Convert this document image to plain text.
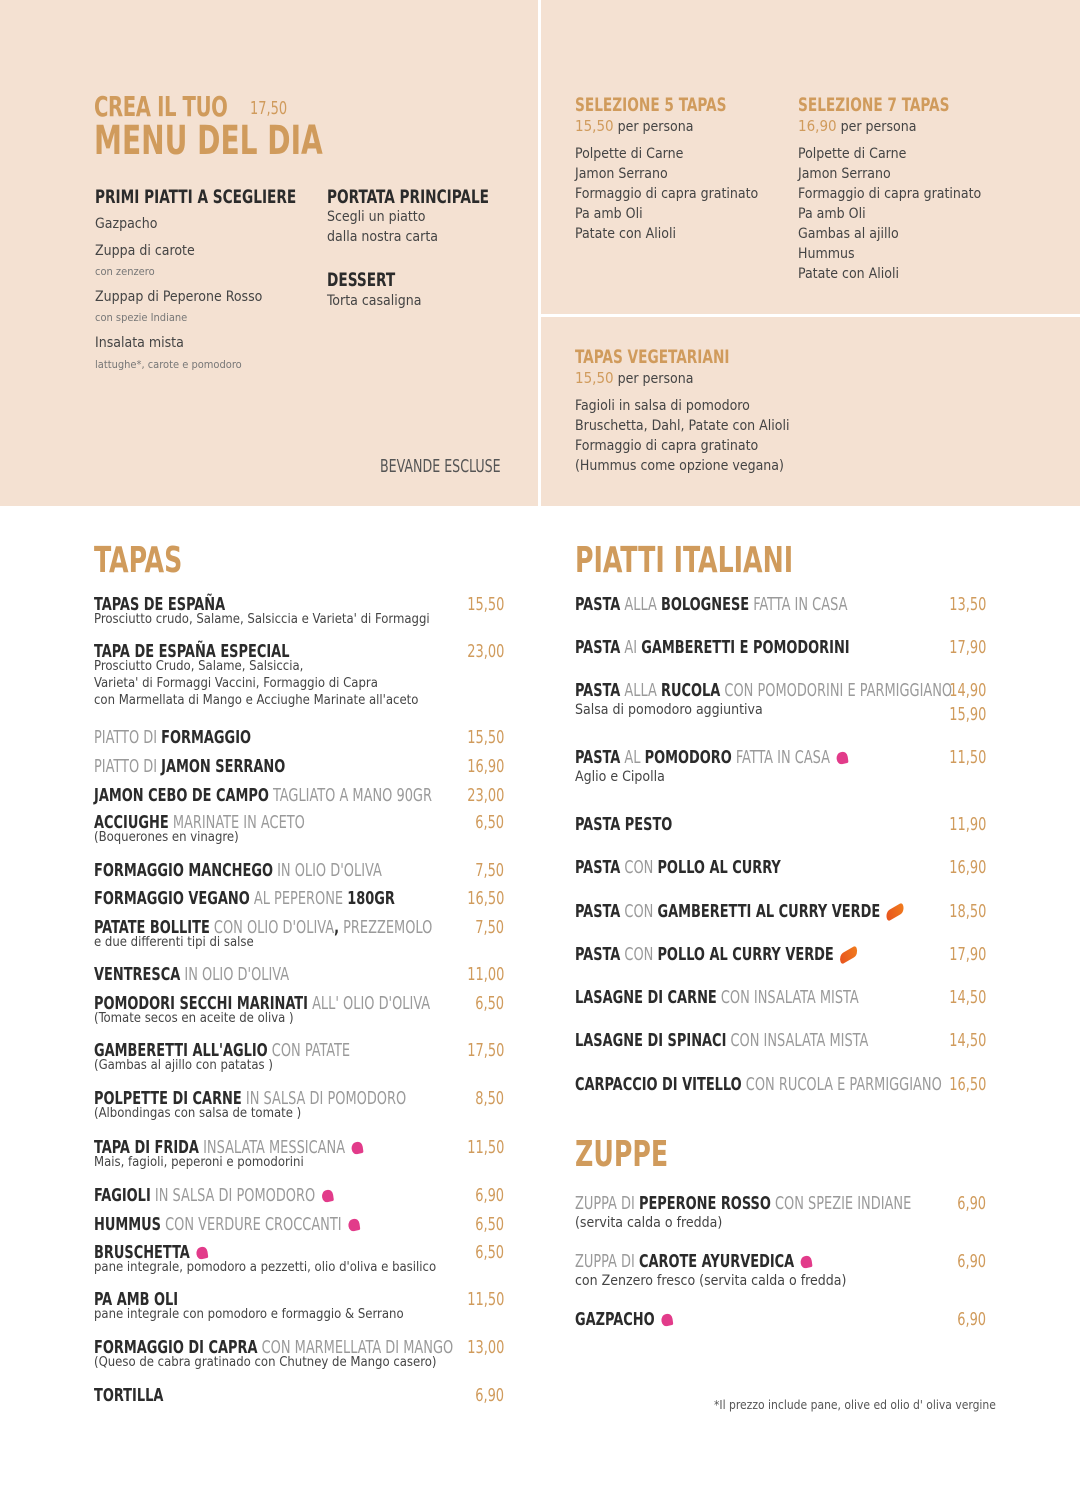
CREA IL TUO
MENU DEL DIA
17,50
PRIMI PIATTI A SCEGLIERE
Gazpacho
Zuppa di carote
con zenzero
Zuppap di Peperone Rosso
con spezie Indiane
Insalata mista
lattughe*, carote e pomodoro
PORTATA PRINCIPALE
Scegli un piatto
dalla nostra carta
DESSERT
Torta casaligna
BEVANDE ESCLUSE
SELEZIONE 5 TAPAS
15,50 per persona
Polpette di Carne
Jamon Serrano
Formaggio di capra gratinato
Pa amb Oli
Patate con Alioli
SELEZIONE 7 TAPAS
16,90 per persona
Polpette di Carne
Jamon Serrano
Formaggio di capra gratinato
Pa amb Oli
Gambas al ajillo
Hummus
Patate con Alioli
TAPAS VEGETARIANI
15,50 per persona
Fagioli in salsa di pomodoro
Bruschetta, Dahl, Patate con Alioli
Formaggio di capra gratinato
(Hummus come opzione vegana)
TAPAS	PIATTI ITALIANI
ZUPPE
TAPAS DE ESPAÑA
Prosciutto crudo, Salame, Salsiccia e Varieta' di Formaggi
15,50
TAPA DE ESPAÑA ESPECIAL
Prosciutto Crudo, Salame, Salsiccia,
Varieta' di Formaggi Vaccini, Formaggio di Capra
con Marmellata di Mango e Acciughe Marinate all'aceto
23,00
PIATTO DI FORMAGGIO	15,50
PIATTO DI JAMON SERRANO	16,90
JAMON CEBO DE CAMPO TAGLIATO A MANO 90GR 23,00
ACCIUGHE MARINATE IN ACETO
(Boquerones en vinagre)
6,50
FORMAGGIO MANCHEGO IN OLIO D'OLIVA	7,50
FORMAGGIO VEGANO AL PEPERONE 180GR	16,50
PATATE BOLLITE CON OLIO D'OLIVA, PREZZEMOLO
e due differenti tipi di salse
7,50
VENTRESCA IN OLIO D'OLIVA	11,00
POMODORI SECCHI MARINATI ALL' OLIO D'OLIVA
(Tomate secos en aceite de oliva )
6,50
GAMBERETTI ALL'AGLIO CON PATATE
(Gambas al ajillo con patatas )
17,50
POLPETTE DI CARNE IN SALSA DI POMODORO
(Albondingas con salsa de tomate )
8,50
TAPA DI FRIDA INSALATA MESSICANA
Mais, fagioli, peperoni e pomodorini
11,50
FAGIOLI IN SALSA DI POMODORO	6,90
HUMMUS CON VERDURE CROCCANTI	6,50
BRUSCHETTA
pane integrale, pomodoro a pezzetti, olio d'oliva e basilico
6,50
PA AMB OLI
pane integrale con pomodoro e formaggio & Serrano
11,50
FORMAGGIO DI CAPRA CON MARMELLATA DI MANGO
(Queso de cabra gratinado con Chutney de Mango casero)
13,00
TORTILLA	6,90
PASTA ALLA BOLOGNESE FATTA IN CASA	13,50
PASTA AI GAMBERETTI E POMODORINI	17,90
PASTA ALLA RUCOLA CON POMODORINI E PARMIGGIANO
Salsa di pomodoro aggiuntiva
14,90
15,90
PASTA AL POMODORO FATTA IN CASA
Aglio e Cipolla
11,50
PASTA PESTO	11,90
PASTA CON POLLO AL CURRY	16,90
PASTA CON GAMBERETTI AL CURRY VERDE	18,50
PASTA CON POLLO AL CURRY VERDE	17,90
LASAGNE DI CARNE CON INSALATA MISTA	14,50
LASAGNE DI SPINACI CON INSALATA MISTA	14,50
CARPACCIO DI VITELLO CON RUCOLA E PARMIGGIANO 16,50
ZUPPA DI PEPERONE ROSSO CON SPEZIE INDIANE
(servita calda o fredda)
6,90
ZUPPA DI CAROTE AYURVEDICA
con Zenzero fresco (servita calda o fredda)
6,90
GAZPACHO	6,90
*Il prezzo include pane, olive ed olio d' oliva vergine
